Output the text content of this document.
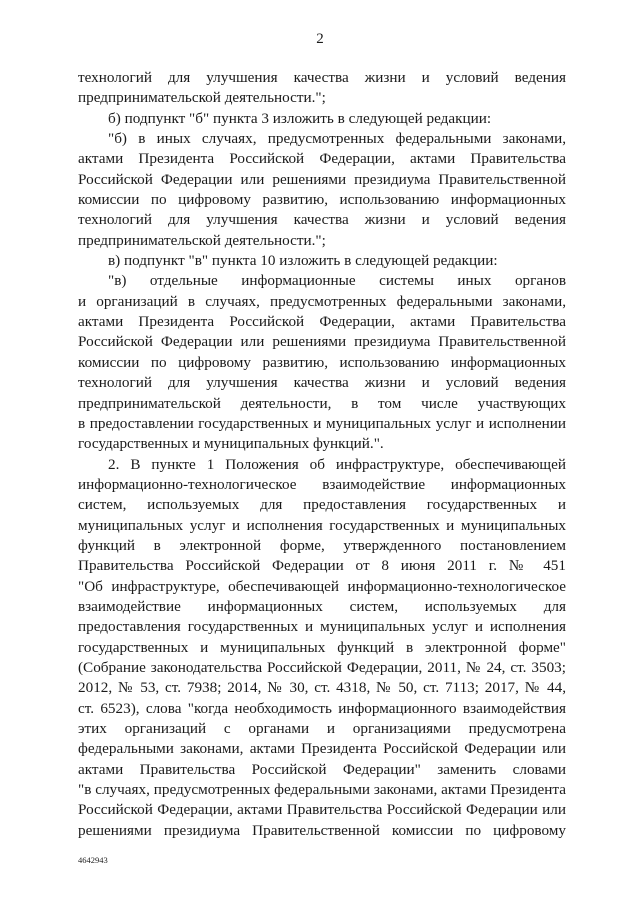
2
технологий для улучшения качества жизни и условий ведения
предпринимательской деятельности.";
б) подпункт "б" пункта 3 изложить в следующей редакции:
"б) в иных случаях, предусмотренных федеральными законами,
актами Президента Российской Федерации, актами Правительства
Российской Федерации или решениями президиума Правительственной
комиссии по цифровому развитию, использованию информационных
технологий для улучшения качества жизни и условий ведения
предпринимательской деятельности.";
в) подпункт "в" пункта 10 изложить в следующей редакции:
"в) отдельные информационные системы иных органов
и организаций в случаях, предусмотренных федеральными законами,
актами Президента Российской Федерации, актами Правительства
Российской Федерации или решениями президиума Правительственной
комиссии по цифровому развитию, использованию информационных
технологий для улучшения качества жизни и условий ведения
предпринимательской деятельности, в том числе участвующих
в предоставлении государственных и муниципальных услуг и исполнении
государственных и муниципальных функций.".
2. В пункте 1 Положения об инфраструктуре, обеспечивающей
информационно-технологическое взаимодействие информационных
систем, используемых для предоставления государственных и
муниципальных услуг и исполнения государственных и муниципальных
функций в электронной форме, утвержденного постановлением
Правительства Российской Федерации от 8 июня 2011 г. № 451
"Об инфраструктуре, обеспечивающей информационно-технологическое
взаимодействие информационных систем, используемых для
предоставления государственных и муниципальных услуг и исполнения
государственных и муниципальных функций в электронной форме"
(Собрание законодательства Российской Федерации, 2011, № 24, ст. 3503;
2012, № 53, ст. 7938; 2014, № 30, ст. 4318, № 50, ст. 7113; 2017, № 44,
ст. 6523), слова "когда необходимость информационного взаимодействия
этих организаций с органами и организациями предусмотрена
федеральными законами, актами Президента Российской Федерации или
актами Правительства Российской Федерации" заменить словами
"в случаях, предусмотренных федеральными законами, актами Президента
Российской Федерации, актами Правительства Российской Федерации или
решениями президиума Правительственной комиссии по цифровому
4642943
